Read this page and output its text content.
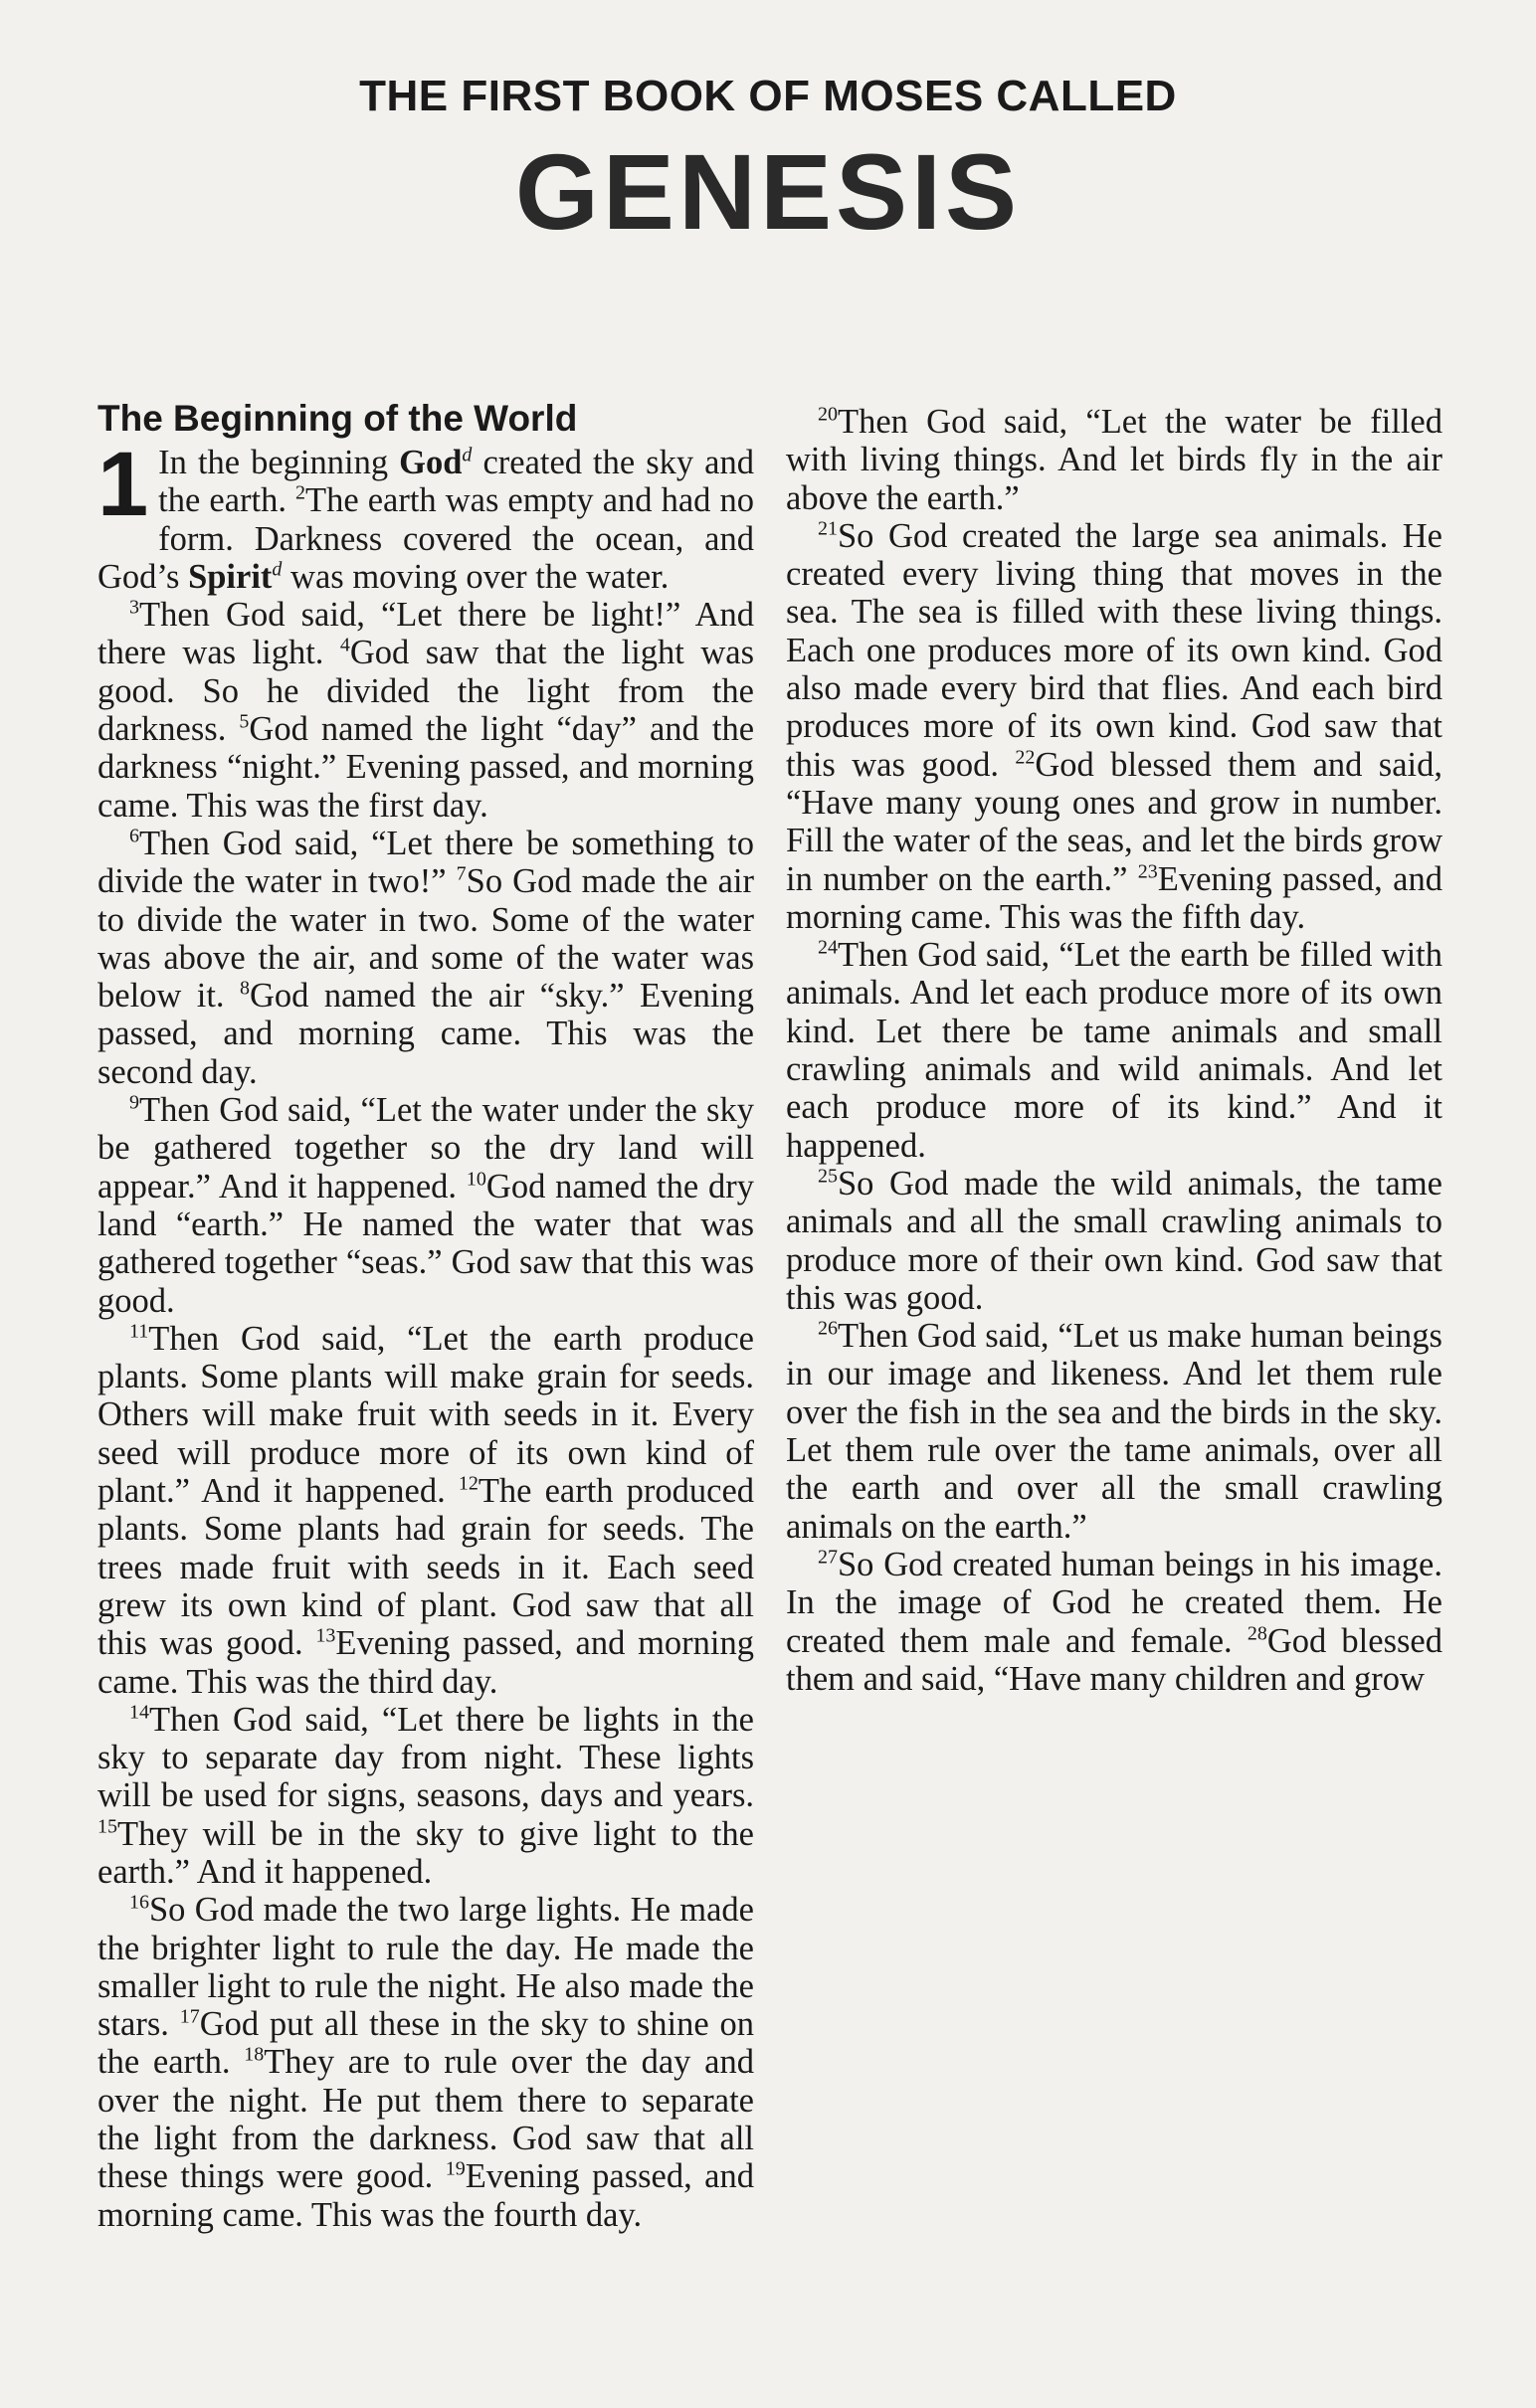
THE FIRST BOOK OF MOSES CALLED
GENESIS
The Beginning of the World

1 In the beginning God$^d$ created the sky and the earth. $^2$The earth was empty and had no form. Darkness covered the ocean, and God’s Spirit$^d$ was moving over the water.

$^3$Then God said, “Let there be light!” And there was light. $^4$God saw that the light was good. So he divided the light from the darkness. $^5$God named the light “day” and the darkness “night.” Evening passed, and morning came. This was the first day.

$^6$Then God said, “Let there be something to divide the water in two!” $^7$So God made the air to divide the water in two. Some of the water was above the air, and some of the water was below it. $^8$God named the air “sky.” Evening passed, and morning came. This was the second day.

$^9$Then God said, “Let the water under the sky be gathered together so the dry land will appear.” And it happened. $^{10}$God named the dry land “earth.” He named the water that was gathered together “seas.” God saw that this was good.

$^{11}$Then God said, “Let the earth produce plants. Some plants will make grain for seeds. Others will make fruit with seeds in it. Every seed will produce more of its own kind of plant.” And it happened. $^{12}$The earth produced plants. Some plants had grain for seeds. The trees made fruit with seeds in it. Each seed grew its own kind of plant. God saw that all this was good. $^{13}$Evening passed, and morning came. This was the third day.

$^{14}$Then God said, “Let there be lights in the sky to separate day from night. These lights will be used for signs, seasons, days and years. $^{15}$They will be in the sky to give light to the earth.” And it happened.

$^{16}$So God made the two large lights. He made the brighter light to rule the day. He made the smaller light to rule the night. He also made the stars. $^{17}$God put all these in the sky to shine on the earth. $^{18}$They are to rule over the day and over the night. He put them there to separate the light from the darkness. God saw that all these things were good. $^{19}$Evening passed, and morning came. This was the fourth day.

$^{20}$Then God said, “Let the water be filled with living things. And let birds fly in the air above the earth.”

$^{21}$So God created the large sea animals. He created every living thing that moves in the sea. The sea is filled with these living things. Each one produces more of its own kind. God also made every bird that flies. And each bird produces more of its own kind. God saw that this was good. $^{22}$God blessed them and said, “Have many young ones and grow in number. Fill the water of the seas, and let the birds grow in number on the earth.” $^{23}$Evening passed, and morning came. This was the fifth day.

$^{24}$Then God said, “Let the earth be filled with animals. And let each produce more of its own kind. Let there be tame animals and small crawling animals and wild animals. And let each produce more of its kind.” And it happened.

$^{25}$So God made the wild animals, the tame animals and all the small crawling animals to produce more of their own kind. God saw that this was good.

$^{26}$Then God said, “Let us make human beings in our image and likeness. And let them rule over the fish in the sea and the birds in the sky. Let them rule over the tame animals, over all the earth and over all the small crawling animals on the earth.”

$^{27}$So God created human beings in his image. In the image of God he created them. He created them male and female. $^{28}$God blessed them and said, “Have many children and grow
